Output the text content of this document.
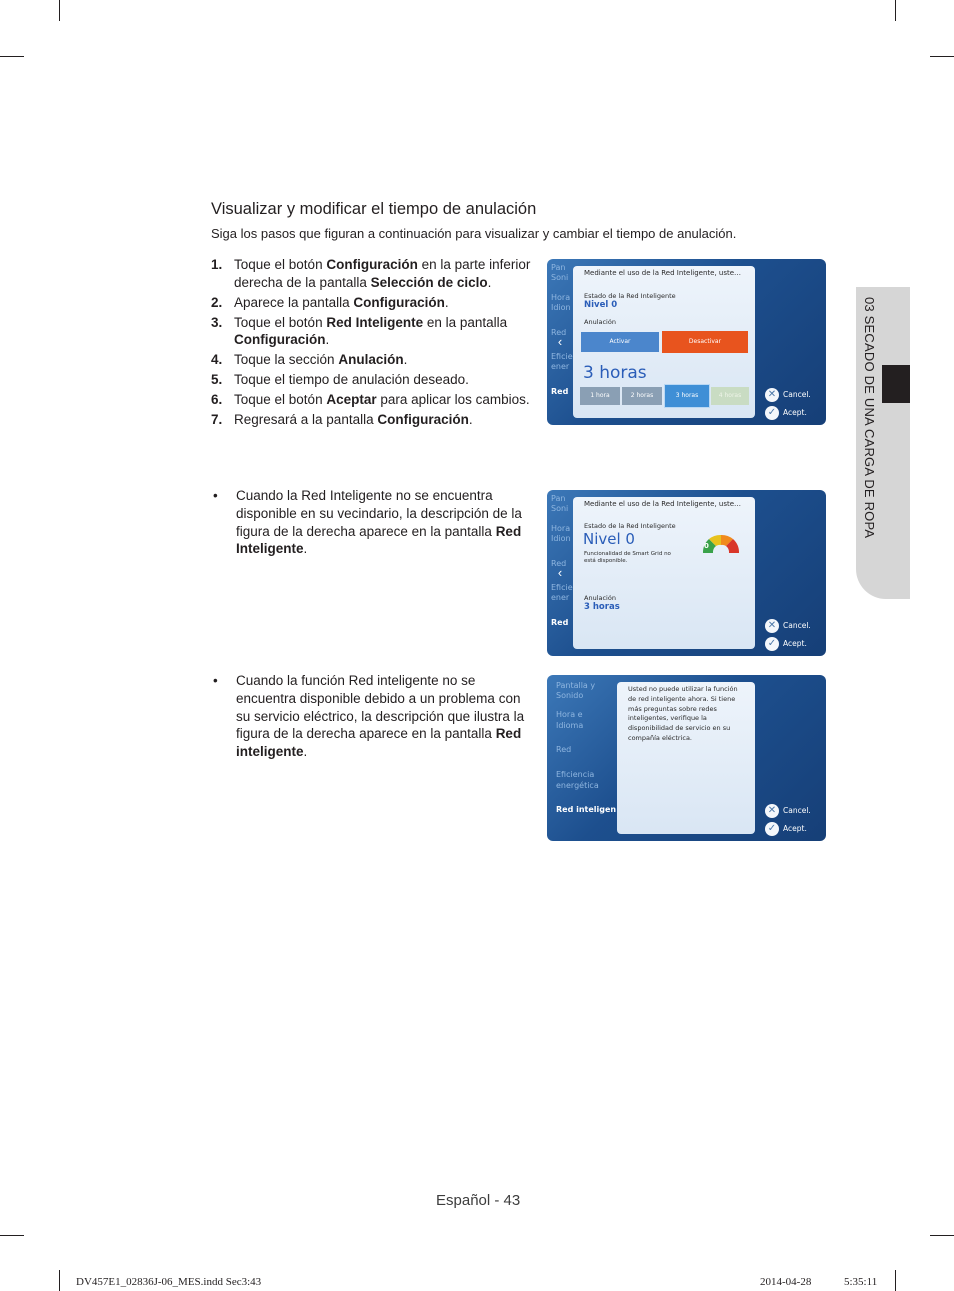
Visualizar y modificar el tiempo de anulación
Siga los pasos que figuran a continuación para visualizar y cambiar el tiempo de anulación.
1. Toque el botón Configuración en la parte inferior derecha de la pantalla Selección de ciclo.
2. Aparece la pantalla Configuración.
3. Toque el botón Red Inteligente en la pantalla Configuración.
4. Toque la sección Anulación.
5. Toque el tiempo de anulación deseado.
6. Toque el botón Aceptar para aplicar los cambios.
7. Regresará a la pantalla Configuración.
•	Cuando la Red Inteligente no se encuentra disponible en su vecindario, la descripción de la figura de la derecha aparece en la pantalla Red Inteligente.
•	Cuando la función Red inteligente no se encuentra disponible debido a un problema con su servicio eléctrico, la descripción que ilustra la figura de la derecha aparece en la pantalla Red inteligente.
03 SECADO DE UNA CARGA DE ROPA
Pan
Soni
Hora
Idion
Red
Eficie
ener
Red
‹
Mediante el uso de la Red Inteligente, uste…
Estado de la Red Inteligente
Nivel 0
Anulación
Activar	Desactivar
3 horas
1 hora	2 horas	3 horas	4 horas	✕ Cancel.
✓ Acept.
Pan
Soni
Hora
Idion
Red
Eficie
ener
Red
‹
Mediante el uso de la Red Inteligente, uste…
Estado de la Red Inteligente
Nivel 0
Funcionalidad de Smart Grid no está disponible.
0
Anulación
3 horas
✕ Cancel.
✓ Acept.
Pantalla y
Sonido
Hora e
Idioma
Red
Eficiencia
energética
Red inteligen
Usted no puede utilizar la función de red inteligente ahora. Si tiene más preguntas sobre redes inteligentes, verifique la disponibilidad de servicio en su compañía eléctrica.
✕ Cancel.
✓ Acept.
Español - 43
DV457E1_02836J-06_MES.indd Sec3:43	2014-04-28	5:35:11
